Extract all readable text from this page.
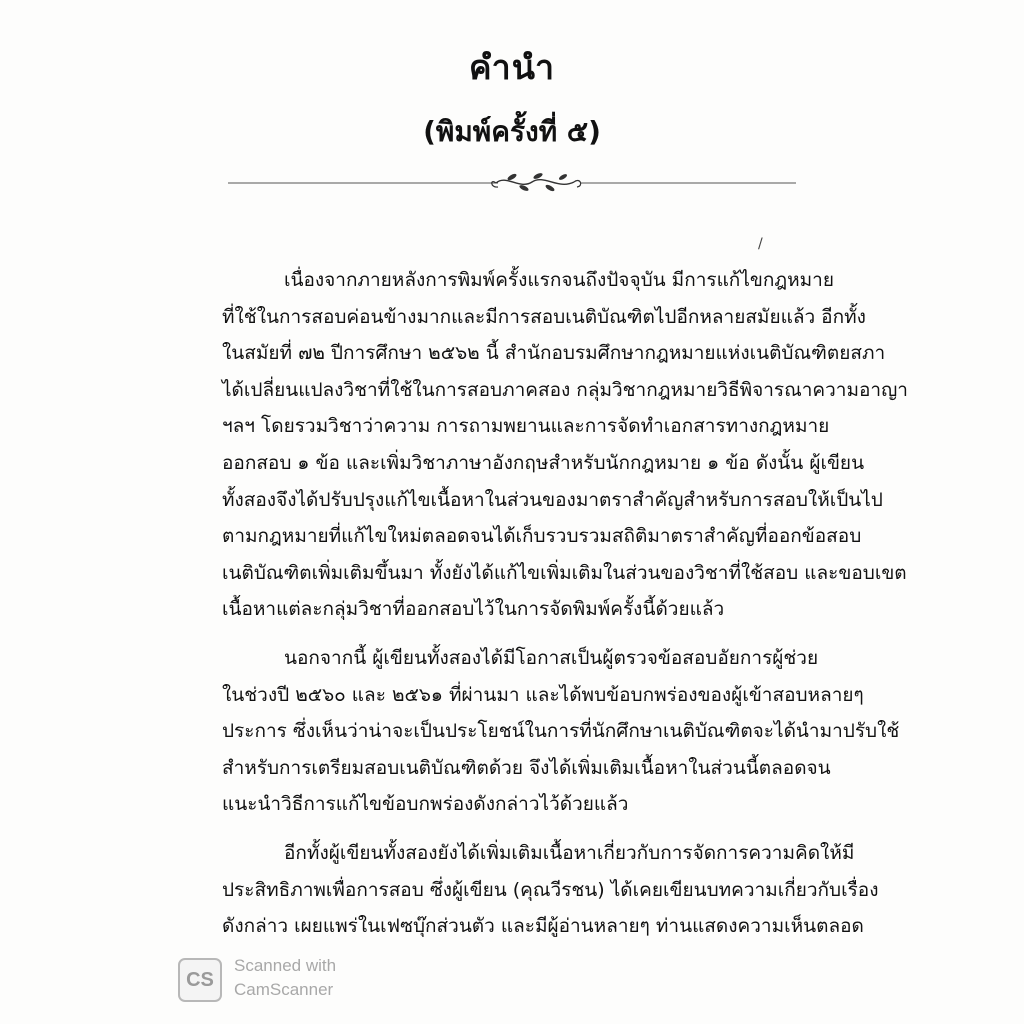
คำนำ
(พิมพ์ครั้งที่ ๕)
/

เนื่องจากภายหลังการพิมพ์ครั้งแรกจนถึงปัจจุบัน มีการแก้ไขกฎหมาย
ที่ใช้ในการสอบค่อนข้างมากและมีการสอบเนติบัณฑิตไปอีกหลายสมัยแล้ว อีกทั้ง
ในสมัยที่ ๗๒ ปีการศึกษา ๒๕๖๒ นี้ สำนักอบรมศึกษากฎหมายแห่งเนติบัณฑิตยสภา
ได้เปลี่ยนแปลงวิชาที่ใช้ในการสอบภาคสอง กลุ่มวิชากฎหมายวิธีพิจารณาความอาญา
ฯลฯ โดยรวมวิชาว่าความ การถามพยานและการจัดทำเอกสารทางกฎหมาย
ออกสอบ ๑ ข้อ และเพิ่มวิชาภาษาอังกฤษสำหรับนักกฎหมาย ๑ ข้อ ดังนั้น ผู้เขียน
ทั้งสองจึงได้ปรับปรุงแก้ไขเนื้อหาในส่วนของมาตราสำคัญสำหรับการสอบให้เป็นไป
ตามกฎหมายที่แก้ไขใหม่ตลอดจนได้เก็บรวบรวมสถิติมาตราสำคัญที่ออกข้อสอบ
เนติบัณฑิตเพิ่มเติมขึ้นมา ทั้งยังได้แก้ไขเพิ่มเติมในส่วนของวิชาที่ใช้สอบ และขอบเขต
เนื้อหาแต่ละกลุ่มวิชาที่ออกสอบไว้ในการจัดพิมพ์ครั้งนี้ด้วยแล้ว

นอกจากนี้ ผู้เขียนทั้งสองได้มีโอกาสเป็นผู้ตรวจข้อสอบอัยการผู้ช่วย
ในช่วงปี ๒๕๖๐ และ ๒๕๖๑ ที่ผ่านมา และได้พบข้อบกพร่องของผู้เข้าสอบหลายๆ
ประการ ซึ่งเห็นว่าน่าจะเป็นประโยชน์ในการที่นักศึกษาเนติบัณฑิตจะได้นำมาปรับใช้
สำหรับการเตรียมสอบเนติบัณฑิตด้วย จึงได้เพิ่มเติมเนื้อหาในส่วนนี้ตลอดจน
แนะนำวิธีการแก้ไขข้อบกพร่องดังกล่าวไว้ด้วยแล้ว

อีกทั้งผู้เขียนทั้งสองยังได้เพิ่มเติมเนื้อหาเกี่ยวกับการจัดการความคิดให้มี
ประสิทธิภาพเพื่อการสอบ ซึ่งผู้เขียน (คุณวีรชน) ได้เคยเขียนบทความเกี่ยวกับเรื่อง
ดังกล่าว เผยแพร่ในเฟซบุ๊กส่วนตัว และมีผู้อ่านหลายๆ ท่านแสดงความเห็นตลอด

CS
Scanned with
CamScanner
